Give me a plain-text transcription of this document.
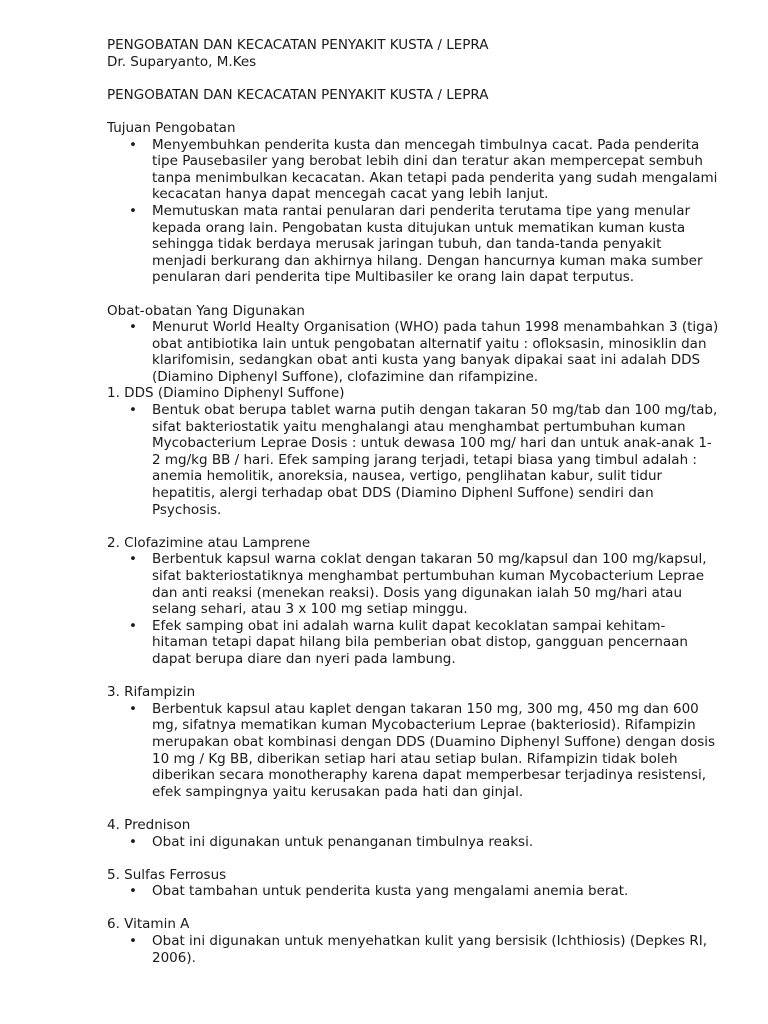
PENGOBATAN DAN KECACATAN PENYAKIT KUSTA / LEPRA

Dr. Suparyanto, M.Kes

PENGOBATAN DAN KECACATAN PENYAKIT KUSTA / LEPRA

Tujuan Pengobatan

• Menyembuhkan penderita kusta dan mencegah timbulnya cacat. Pada penderita
tipe Pausebasiler yang berobat lebih dini dan teratur akan mempercepat sembuh
tanpa menimbulkan kecacatan. Akan tetapi pada penderita yang sudah mengalami
kecacatan hanya dapat mencegah cacat yang lebih lanjut.
• Memutuskan mata rantai penularan dari penderita terutama tipe yang menular
kepada orang lain. Pengobatan kusta ditujukan untuk mematikan kuman kusta
sehingga tidak berdaya merusak jaringan tubuh, dan tanda-tanda penyakit
menjadi berkurang dan akhirnya hilang. Dengan hancurnya kuman maka sumber
penularan dari penderita tipe Multibasiler ke orang lain dapat terputus.

Obat-obatan Yang Digunakan

• Menurut World Healty Organisation (WHO) pada tahun 1998 menambahkan 3 (tiga)
obat antibiotika lain untuk pengobatan alternatif yaitu : ofloksasin, minosiklin dan
klarifomisin, sedangkan obat anti kusta yang banyak dipakai saat ini adalah DDS
(Diamino Diphenyl Suffone), clofazimine dan rifampizine.

1. DDS (Diamino Diphenyl Suffone)

• Bentuk obat berupa tablet warna putih dengan takaran 50 mg/tab dan 100 mg/tab,
sifat bakteriostatik yaitu menghalangi atau menghambat pertumbuhan kuman
Mycobacterium Leprae Dosis : untuk dewasa 100 mg/ hari dan untuk anak-anak 1-
2 mg/kg BB / hari. Efek samping jarang terjadi, tetapi biasa yang timbul adalah :
anemia hemolitik, anoreksia, nausea, vertigo, penglihatan kabur, sulit tidur
hepatitis, alergi terhadap obat DDS (Diamino Diphenl Suffone) sendiri dan
Psychosis.

2. Clofazimine atau Lamprene

• Berbentuk kapsul warna coklat dengan takaran 50 mg/kapsul dan 100 mg/kapsul,
sifat bakteriostatiknya menghambat pertumbuhan kuman Mycobacterium Leprae
dan anti reaksi (menekan reaksi). Dosis yang digunakan ialah 50 mg/hari atau
selang sehari, atau 3 x 100 mg setiap minggu.
• Efek samping obat ini adalah warna kulit dapat kecoklatan sampai kehitam-
hitaman tetapi dapat hilang bila pemberian obat distop, gangguan pencernaan
dapat berupa diare dan nyeri pada lambung.

3. Rifampizin

• Berbentuk kapsul atau kaplet dengan takaran 150 mg, 300 mg, 450 mg dan 600
mg, sifatnya mematikan kuman Mycobacterium Leprae (bakteriosid). Rifampizin
merupakan obat kombinasi dengan DDS (Duamino Diphenyl Suffone) dengan dosis
10 mg / Kg BB, diberikan setiap hari atau setiap bulan. Rifampizin tidak boleh
diberikan secara monotheraphy karena dapat memperbesar terjadinya resistensi,
efek sampingnya yaitu kerusakan pada hati dan ginjal.

4. Prednison

• Obat ini digunakan untuk penanganan timbulnya reaksi.

5. Sulfas Ferrosus

• Obat tambahan untuk penderita kusta yang mengalami anemia berat.

6. Vitamin A

• Obat ini digunakan untuk menyehatkan kulit yang bersisik (Ichthiosis) (Depkes RI,
2006).
